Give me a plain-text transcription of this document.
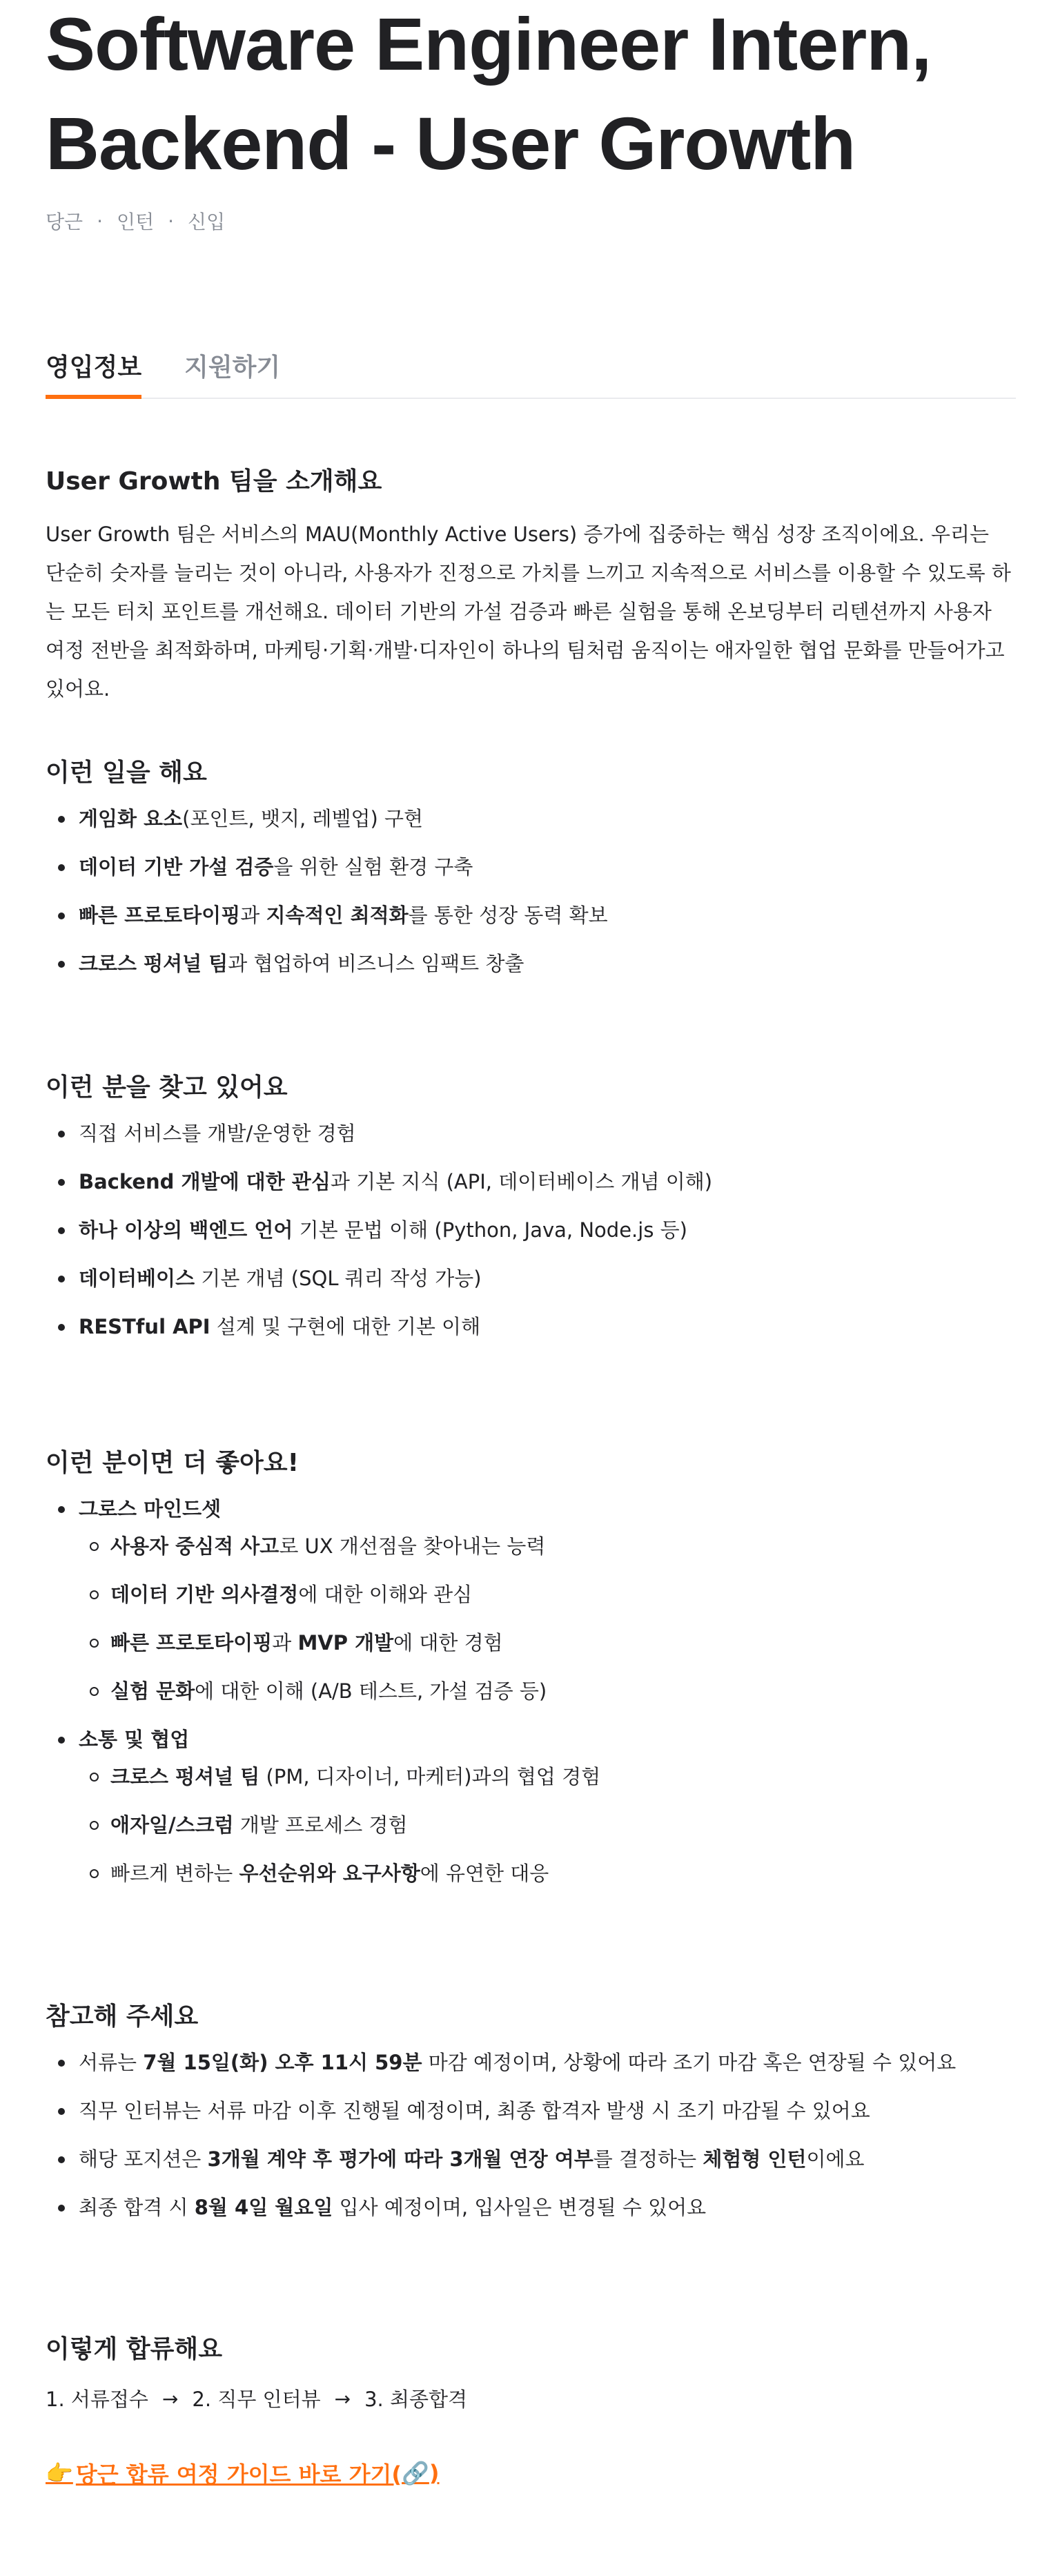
Software Engineer Intern,
Backend - User Growth
당근 · 인턴 · 신입
영입정보 지원하기
User Growth 팀을 소개해요

User Growth 팀은 서비스의 MAU(Monthly Active Users) 증가에 집중하는 핵심 성장 조직이에요. 우리는 단순히 숫자를 늘리는 것이 아니라, 사용자가 진정으로 가치를 느끼고 지속적으로 서비스를 이용할 수 있도록 하는 모든 터치 포인트를 개선해요. 데이터 기반의 가설 검증과 빠른 실험을 통해 온보딩부터 리텐션까지 사용자 여정 전반을 최적화하며, 마케팅·기획·개발·디자인이 하나의 팀처럼 움직이는 애자일한 협업 문화를 만들어가고 있어요.

이런 일을 해요
게임화 요소(포인트, 뱃지, 레벨업) 구현
데이터 기반 가설 검증을 위한 실험 환경 구축
빠른 프로토타이핑과 지속적인 최적화를 통한 성장 동력 확보
크로스 펑셔널 팀과 협업하여 비즈니스 임팩트 창출
이런 분을 찾고 있어요
직접 서비스를 개발/운영한 경험
Backend 개발에 대한 관심과 기본 지식 (API, 데이터베이스 개념 이해)
하나 이상의 백엔드 언어 기본 문법 이해 (Python, Java, Node.js 등)
데이터베이스 기본 개념 (SQL 쿼리 작성 가능)
RESTful API 설계 및 구현에 대한 기본 이해
이런 분이면 더 좋아요!
그로스 마인드셋
사용자 중심적 사고로 UX 개선점을 찾아내는 능력
데이터 기반 의사결정에 대한 이해와 관심
빠른 프로토타이핑과 MVP 개발에 대한 경험
실험 문화에 대한 이해 (A/B 테스트, 가설 검증 등)
소통 및 협업
크로스 펑셔널 팀 (PM, 디자이너, 마케터)과의 협업 경험
애자일/스크럼 개발 프로세스 경험
빠르게 변하는 우선순위와 요구사항에 유연한 대응
참고해 주세요
서류는 7월 15일(화) 오후 11시 59분 마감 예정이며, 상황에 따라 조기 마감 혹은 연장될 수 있어요
직무 인터뷰는 서류 마감 이후 진행될 예정이며, 최종 합격자 발생 시 조기 마감될 수 있어요
해당 포지션은 3개월 계약 후 평가에 따라 3개월 연장 여부를 결정하는 체험형 인턴이에요
최종 합격 시 8월 4일 월요일 입사 예정이며, 입사일은 변경될 수 있어요
이렇게 합류해요
1. 서류접수 → 2. 직무 인터뷰 → 3. 최종합격
👉 당근 합류 여정 가이드 바로 가기( 🔗 )
